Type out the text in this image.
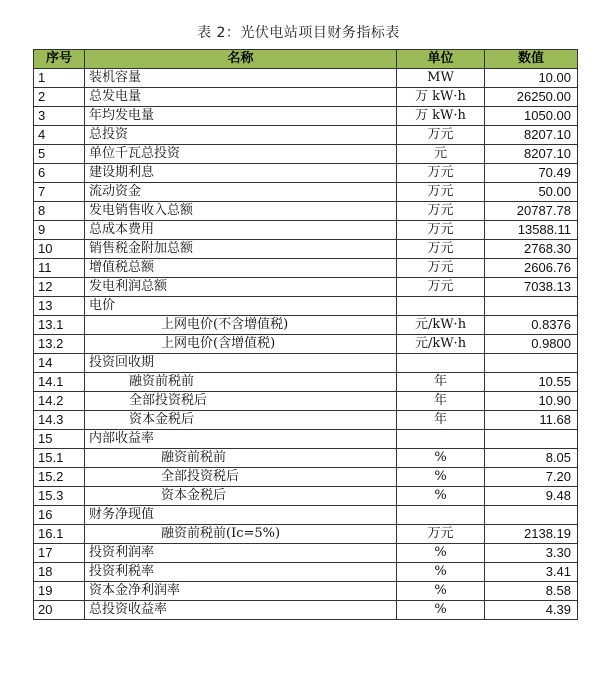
表 2：光伏电站项目财务指标表
序号	名称	单位	数值
1	装机容量	MW	10.00
2	总发电量	万 kW·h	26250.00
3	年均发电量	万 kW·h	1050.00
4	总投资	万元	8207.10
5	单位千瓦总投资	元	8207.10
6	建设期利息	万元	70.49
7	流动资金	万元	50.00
8	发电销售收入总额	万元	20787.78
9	总成本费用	万元	13588.11
10	销售税金附加总额	万元	2768.30
11	增值税总额	万元	2606.76
12	发电利润总额	万元	7038.13
13	电价		
13.1	上网电价(不含增值税)	元/kW·h	0.8376
13.2	上网电价(含增值税)	元/kW·h	0.9800
14	投资回收期		
14.1	融资前税前	年	10.55
14.2	全部投资税后	年	10.90
14.3	资本金税后	年	11.68
15	内部收益率		
15.1	融资前税前	%	8.05
15.2	全部投资税后	%	7.20
15.3	资本金税后	%	9.48
16	财务净现值		
16.1	融资前税前(Ic=5%)	万元	2138.19
17	投资利润率	%	3.30
18	投资利税率	%	3.41
19	资本金净利润率	%	8.58
20	总投资收益率	%	4.39
